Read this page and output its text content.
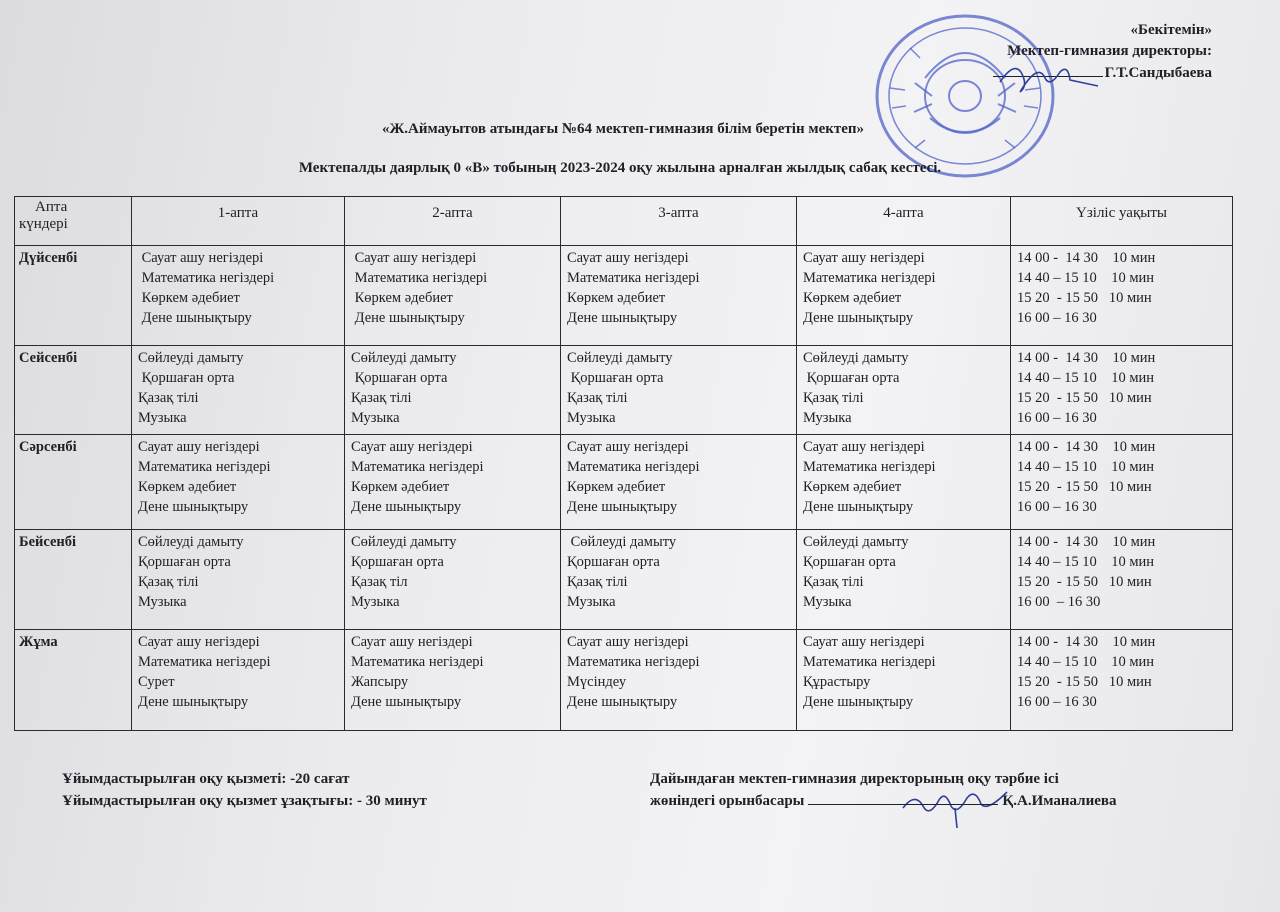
«Бекітемін»
Мектеп-гимназия директоры:
Г.Т.Сандыбаева
«Ж.Аймауытов атындағы №64 мектеп-гимназия білім беретін мектеп»
Мектепалды даярлық 0 «В» тобының 2023-2024 оқу жылына арналған жылдық сабақ кестесі.
Апта
күндері	1-апта	2-апта	3-апта	4-апта	Үзіліс уақыты
Дүйсенбі	Сауат ашу негіздері
Математика негіздері
Көркем әдебиет
Дене шынықтыру	Сауат ашу негіздері
Математика негіздері
Көркем әдебиет
Дене шынықтыру	Сауат ашу негіздері
Математика негіздері
Көркем әдебиет
Дене шынықтыру	Сауат ашу негіздері
Математика негіздері
Көркем әдебиет
Дене шынықтыру	14 00 -  14 30    10 мин
14 40 – 15 10    10 мин
15 20  - 15 50   10 мин
16 00 – 16 30

Сейсенбі	Сөйлеуді дамыту
Қоршаған орта
Қазақ тілі
Музыка	Сөйлеуді дамыту
Қоршаған орта
Қазақ тілі
Музыка	Сөйлеуді дамыту
Қоршаған орта
Қазақ тілі
Музыка	Сөйлеуді дамыту
Қоршаған орта
Қазақ тілі
Музыка	14 00 -  14 30    10 мин
14 40 – 15 10    10 мин
15 20  - 15 50   10 мин
16 00 – 16 30

Сәрсенбі	Сауат ашу негіздері
Математика негіздері
Көркем әдебиет
Дене шынықтыру	Сауат ашу негіздері
Математика негіздері
Көркем әдебиет
Дене шынықтыру	Сауат ашу негіздері
Математика негіздері
Көркем әдебиет
Дене шынықтыру	Сауат ашу негіздері
Математика негіздері
Көркем әдебиет
Дене шынықтыру	14 00 -  14 30    10 мин
14 40 – 15 10    10 мин
15 20  - 15 50   10 мин
16 00 – 16 30

Бейсенбі	Сөйлеуді дамыту
Қоршаған орта
Қазақ тілі
Музыка	Сөйлеуді дамыту
Қоршаған орта
Қазақ тіл
Музыка	Сөйлеуді дамыту
Қоршаған орта
Қазақ тілі
Музыка	Сөйлеуді дамыту
Қоршаған орта
Қазақ тілі
Музыка	14 00 -  14 30    10 мин
14 40 – 15 10    10 мин
15 20  - 15 50   10 мин
16 00  – 16 30

Жұма	Сауат ашу негіздері
Математика негіздері
Сурет
Дене шынықтыру	Сауат ашу негіздері
Математика негіздері
Жапсыру
Дене шынықтыру	Сауат ашу негіздері
Математика негіздері
Мүсіндеу
Дене шынықтыру	Сауат ашу негіздері
Математика негіздері
Құрастыру
Дене шынықтыру	14 00 -  14 30    10 мин
14 40 – 15 10    10 мин
15 20  - 15 50   10 мин
16 00 – 16 30
Ұйымдастырылған оқу қызметі: -20 сағат
Ұйымдастырылған оқу қызмет ұзақтығы: - 30 минут
Дайындаған мектеп-гимназия директорының оқу тәрбие ісі
жөніндегі орынбасары	Қ.А.Иманалиева
